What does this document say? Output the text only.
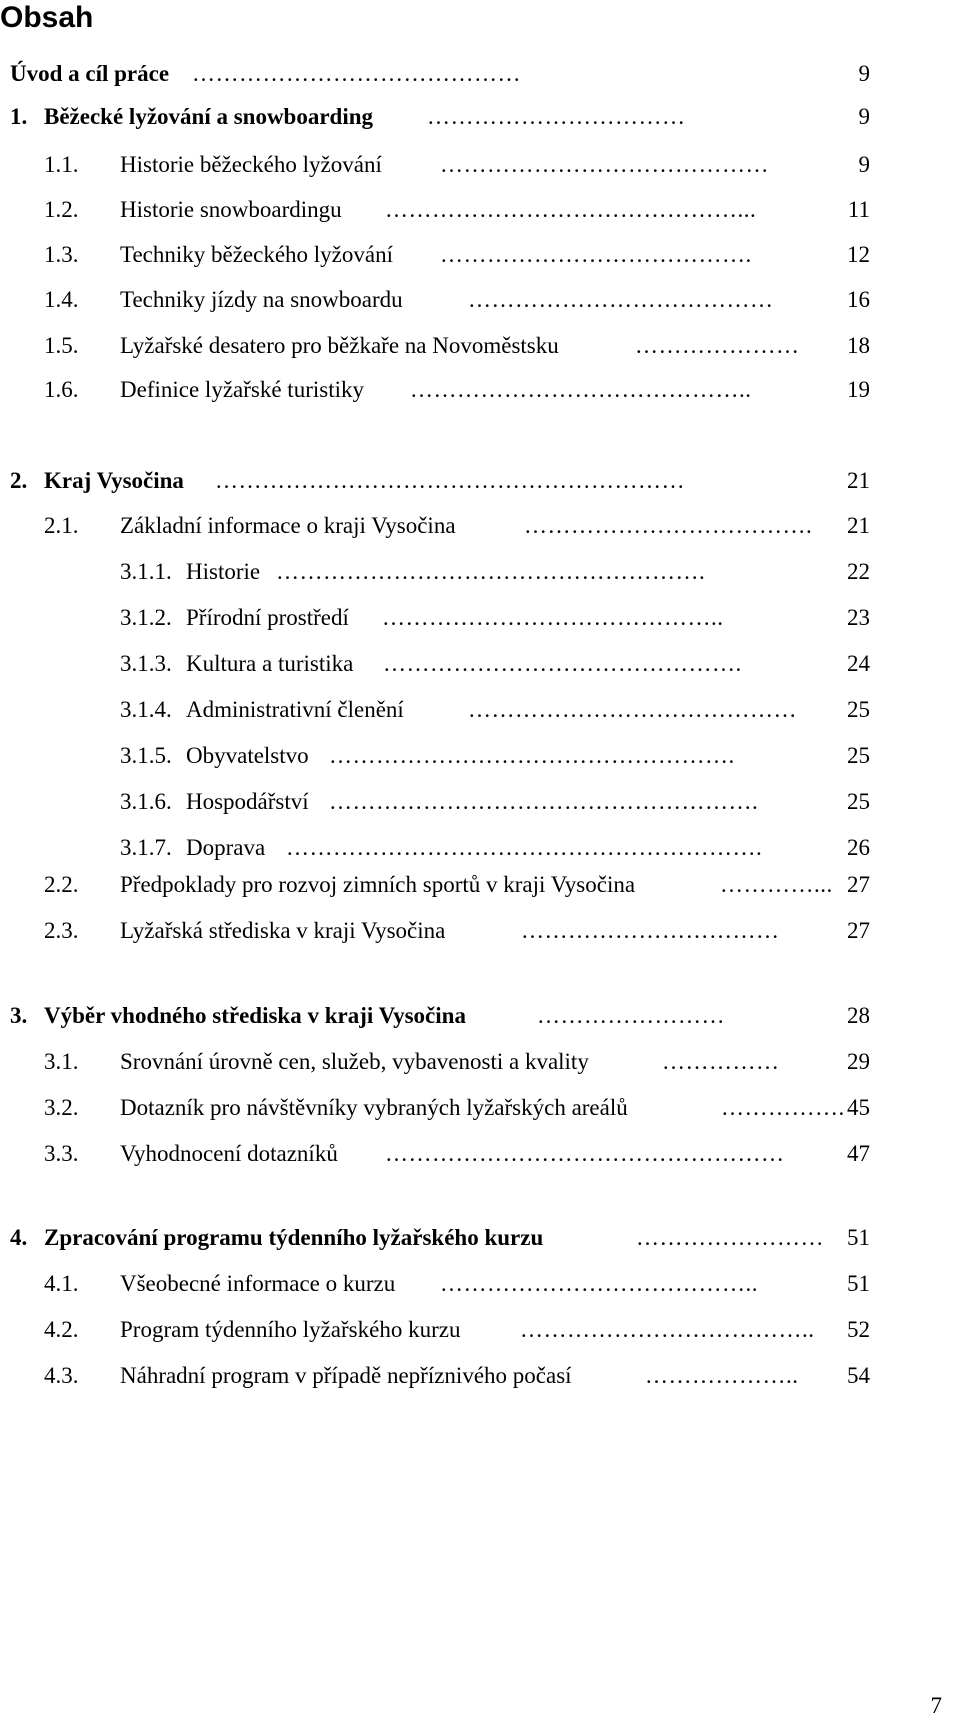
Obsah
Úvod a cíl práce ……………………………………	9
1. Běžecké lyžování a snowboarding ……………………………	9
1.1. Historie běžeckého lyžování	……………………………………	9
1.2. Historie snowboardingu ………………………………………...	11
1.3. Techniky běžeckého lyžování ………………………………….	12
1.4. Techniky jízdy na snowboardu	…………………………………	16
1.5. Lyžařské desatero pro běžkaře na Novoměstsku	…………………	18
1.6. Definice lyžařské turistiky ……………………………………..	19
2. Kraj Vysočina ……………………………………………………	21
2.1. Základní informace o kraji Vysočina	……………………………….	21
3.1.1. Historie ……………………………………………….	22
3.1.2. Přírodní prostředí ……………………………………..	23
3.1.3. Kultura a turistika ……………………………………….	24
3.1.4. Administrativní členění	……………………………………	25
3.1.5. Obyvatelstvo …………………………………………….	25
3.1.6. Hospodářství ……………………………………………….	25
3.1.7. Doprava …………………………………………………….	26
2.2. Předpoklady pro rozvoj zimních sportů v kraji Vysočina	…………... 27
2.3. Lyžařská střediska v kraji Vysočina	……………………………	27
3. Výběr vhodného střediska v kraji Vysočina	……………………	28
3.1. Srovnání úrovně cen, služeb, vybavenosti a kvality	……………	29
3.2. Dotazník pro návštěvníky vybraných lyžařských areálů	……………. 45
3.3. Vyhodnocení dotazníků ……………………………………………	47
4. Zpracování programu týdenního lyžařského kurzu	……………………	51
4.1. Všeobecné informace o kurzu …………………………………..	51
4.2. Program týdenního lyžařského kurzu	………………………………..	52
4.3. Náhradní program v případě nepříznivého počasí	………………..	54
7
